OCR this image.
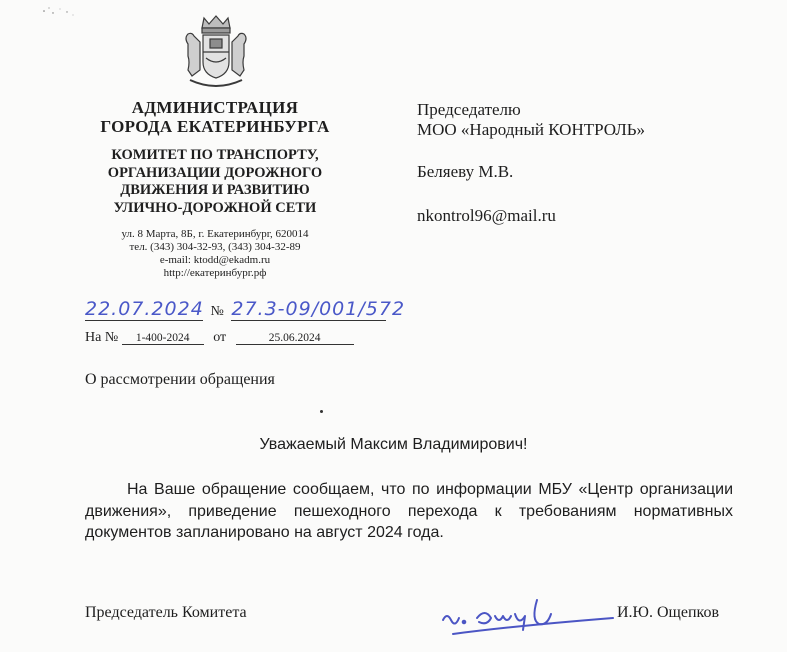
АДМИНИСТРАЦИЯ
ГОРОДА ЕКАТЕРИНБУРГА
КОМИТЕТ ПО ТРАНСПОРТУ,
ОРГАНИЗАЦИИ ДОРОЖНОГО
ДВИЖЕНИЯ И РАЗВИТИЮ
УЛИЧНО-ДОРОЖНОЙ СЕТИ
ул. 8 Марта, 8Б, г. Екатеринбург, 620014
тел. (343) 304-32-93, (343) 304-32-89
e-mail: ktodd@ekadm.ru
http://екатеринбург.рф
Председателю
МОО «Народный КОНТРОЛЬ»
Беляеву М.В.
nkontrol96@mail.ru
22.07.2024 № 27.3-09/001/572
На № 1-400-2024 от	25.06.2024
О рассмотрении обращения
Уважаемый Максим Владимирович!
На Ваше обращение сообщаем, что по информации МБУ «Центр организации движения», приведение пешеходного перехода к требованиям нормативных документов запланировано на август 2024 года.
Председатель Комитета	И.Ю. Ощепков
